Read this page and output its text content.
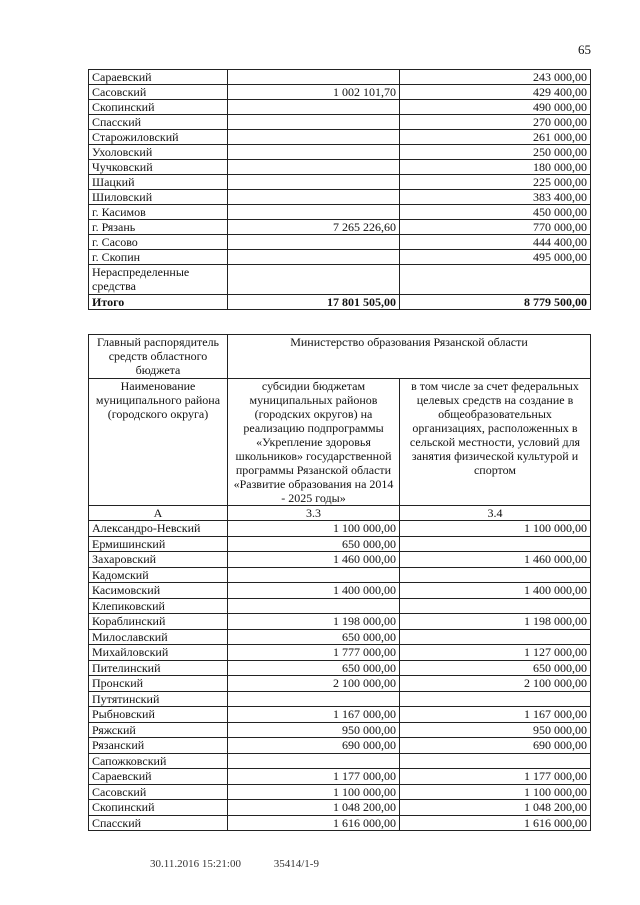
65
Сараевский		243 000,00
Сасовский	1 002 101,70	429 400,00
Скопинский		490 000,00
Спасский		270 000,00
Старожиловский		261 000,00
Ухоловский		250 000,00
Чучковский		180 000,00
Шацкий		225 000,00
Шиловский		383 400,00
г. Касимов		450 000,00
г. Рязань	7 265 226,60	770 000,00
г. Сасово		444 400,00
г. Скопин		495 000,00
Нераспределенные средства		
Итого	17 801 505,00	8 779 500,00
Главный распорядитель средств областного бюджета	Министерство образования Рязанской области	
Наименование муниципального района (городского округа)	субсидии бюджетам муниципальных районов (городских округов) на реализацию подпрограммы «Укрепление здоровья школьников» государственной программы Рязанской области «Развитие образования на 2014 - 2025 годы»	в том числе за счет федеральных целевых средств на создание в общеобразовательных организациях, расположенных в сельской местности, условий для занятия физической культурой и спортом
А	3.3	3.4
Александро-Невский	1 100 000,00	1 100 000,00
Ермишинский	650 000,00	
Захаровский	1 460 000,00	1 460 000,00
Кадомский		
Касимовский	1 400 000,00	1 400 000,00
Клепиковский		
Кораблинский	1 198 000,00	1 198 000,00
Милославский	650 000,00	
Михайловский	1 777 000,00	1 127 000,00
Пителинский	650 000,00	650 000,00
Пронский	2 100 000,00	2 100 000,00
Путятинский		
Рыбновский	1 167 000,00	1 167 000,00
Ряжский	950 000,00	950 000,00
Рязанский	690 000,00	690 000,00
Сапожковский		
Сараевский	1 177 000,00	1 177 000,00
Сасовский	1 100 000,00	1 100 000,00
Скопинский	1 048 200,00	1 048 200,00
Спасский	1 616 000,00	1 616 000,00
30.11.2016 15:21:00	35414/1-9
